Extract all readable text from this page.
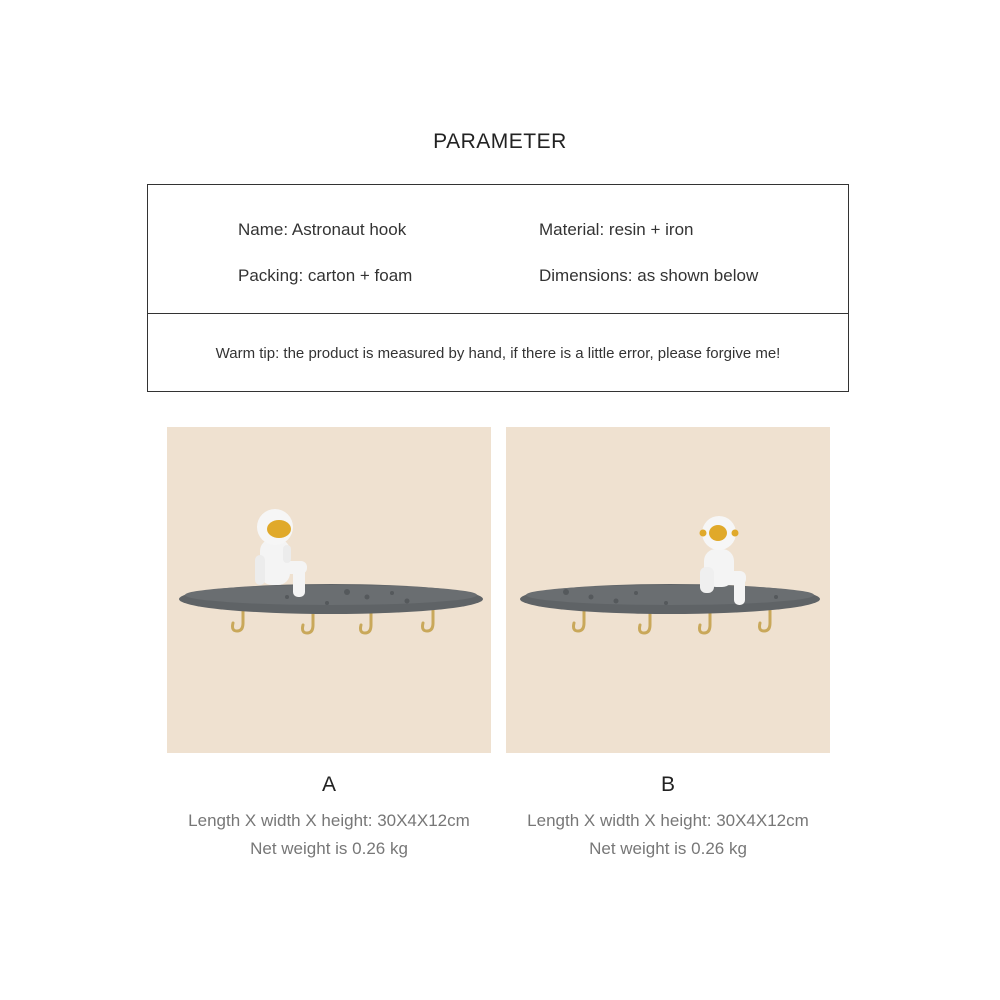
PARAMETER
Name: Astronaut hook	Material: resin + iron
Packing: carton + foam	Dimensions: as shown below
Warm tip: the product is measured by hand, if there is a little error, please forgive me!
A
Length X width X height: 30X4X12cm
Net weight is 0.26 kg
B
Length X width X height: 30X4X12cm
Net weight is 0.26 kg
